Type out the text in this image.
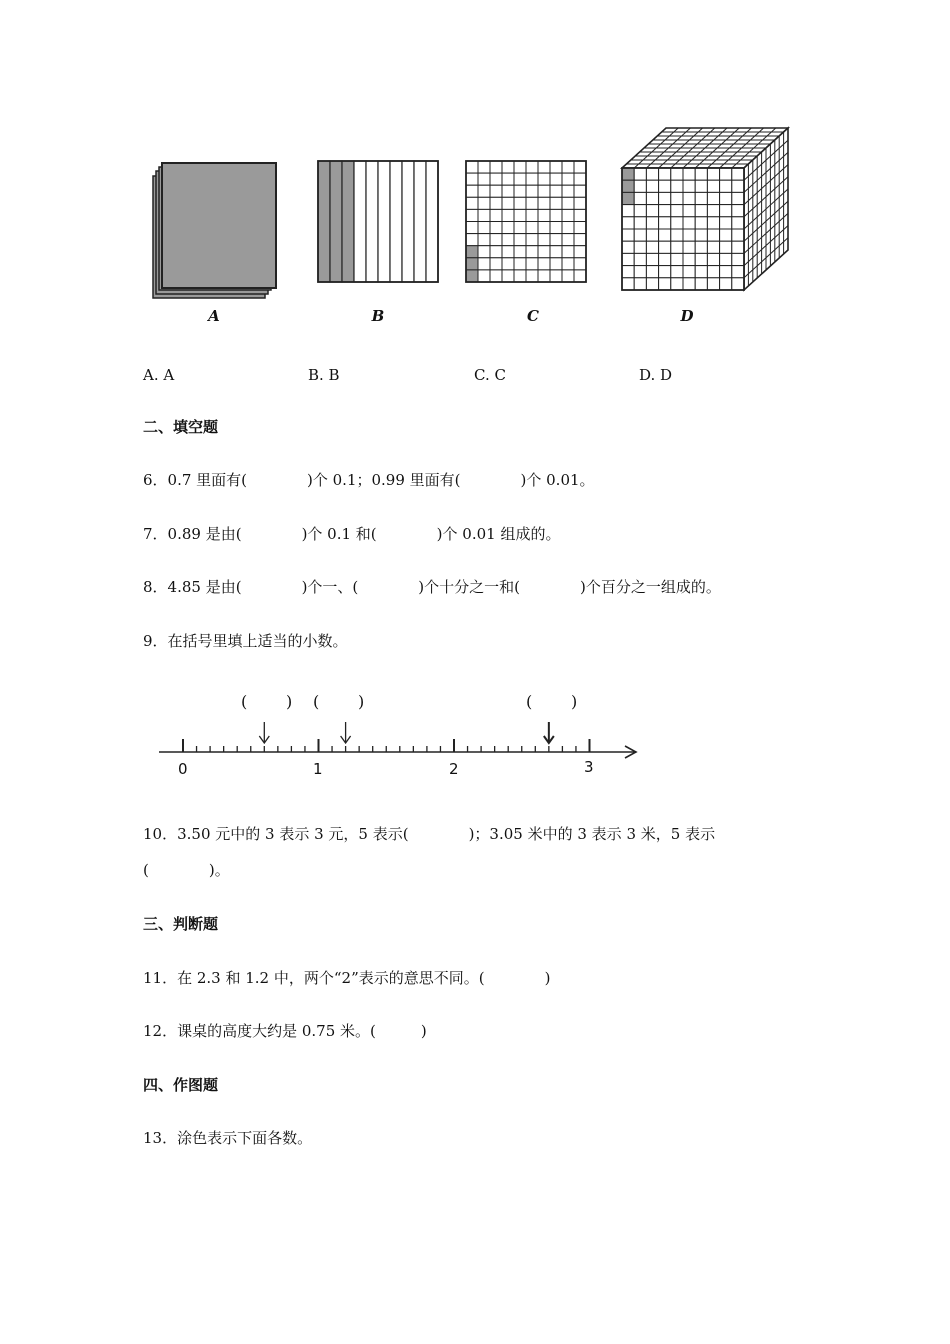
A	B	C	D
A. A	B. B	C. C	D. D
二、填空题
6．0.7 里面有(　　　　)个 0.1；0.99 里面有(　　　　)个 0.01。
7．0.89 是由(　　　　)个 0.1 和(　　　　)个 0.01 组成的。
8．4.85 是由(　　　　)个一、(　　　　)个十分之一和(　　　　)个百分之一组成的。
9．在括号里填上适当的小数。
( ) ( )	( )
0	1	2	3
10．3.50 元中的 3 表示 3 元，5 表示(　　　　)；3.05 米中的 3 表示 3 米，5 表示
(　　　　)。
三、判断题
11．在 2.3 和 1.2 中，两个“2”表示的意思不同。(　　　　)
12．课桌的高度大约是 0.75 米。(　　　)
四、作图题
13．涂色表示下面各数。
